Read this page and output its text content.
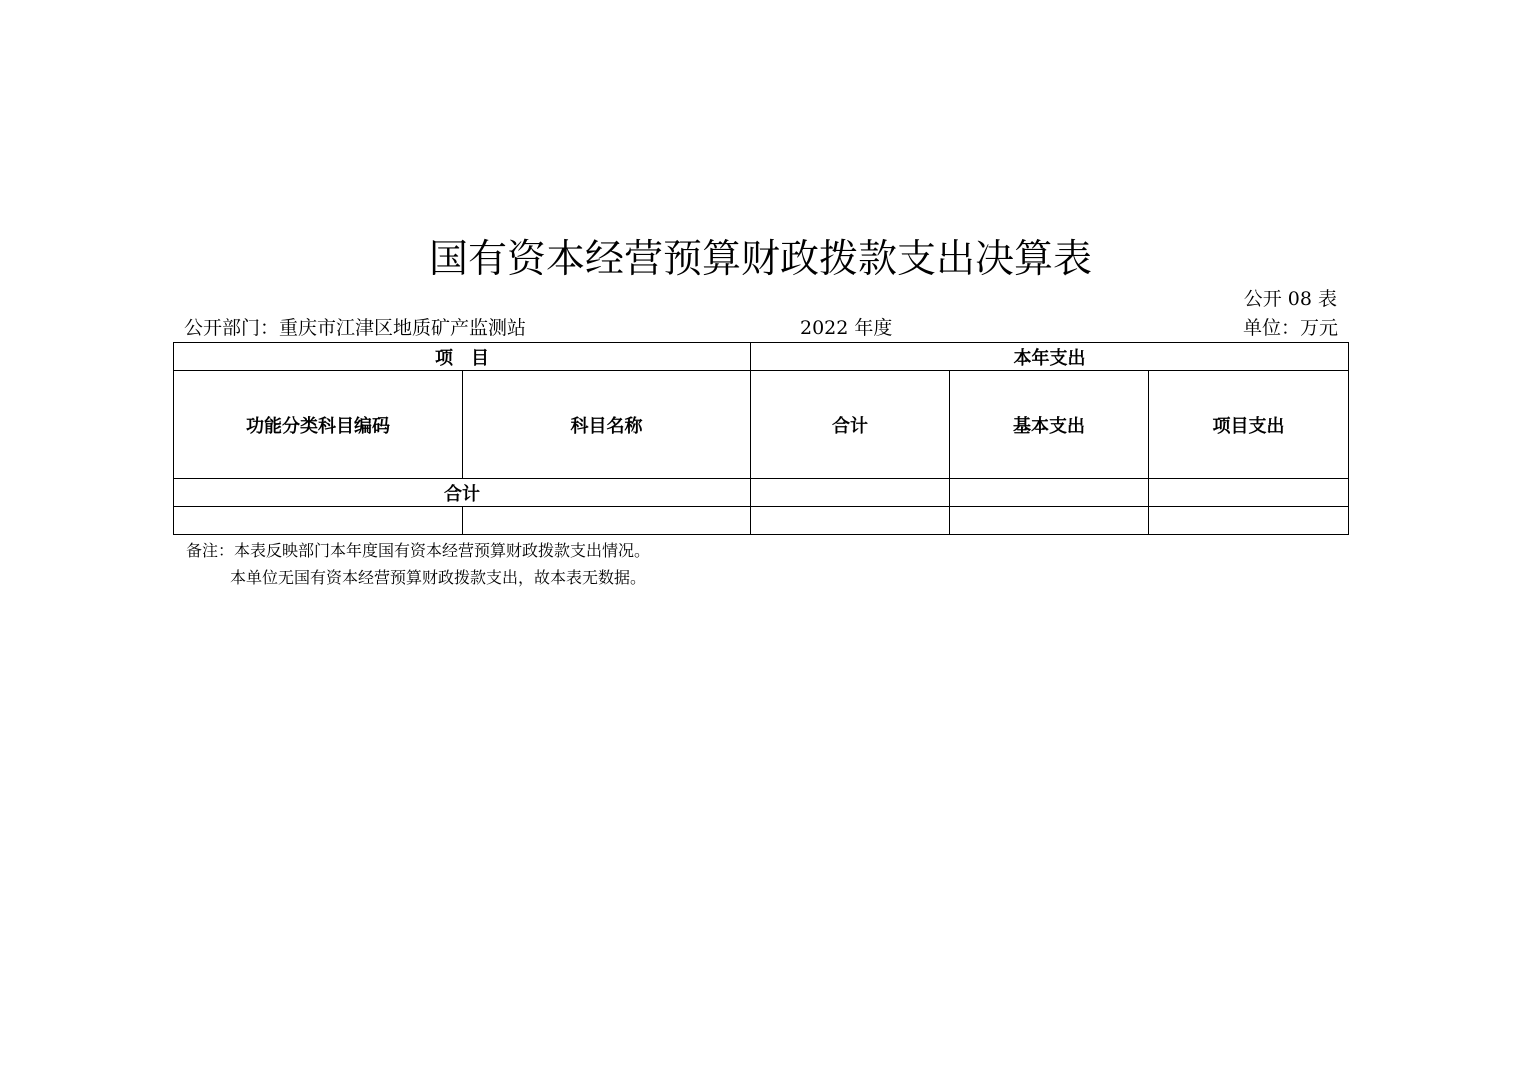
国有资本经营预算财政拨款支出决算表
公开 08 表
公开部门：重庆市江津区地质矿产监测站	2022 年度	单位：万元
项　目		本年支出		
功能分类科目编码	科目名称	合计	基本支出	项目支出
合计				

备注：本表反映部门本年度国有资本经营预算财政拨款支出情况。
本单位无国有资本经营预算财政拨款支出，故本表无数据。
